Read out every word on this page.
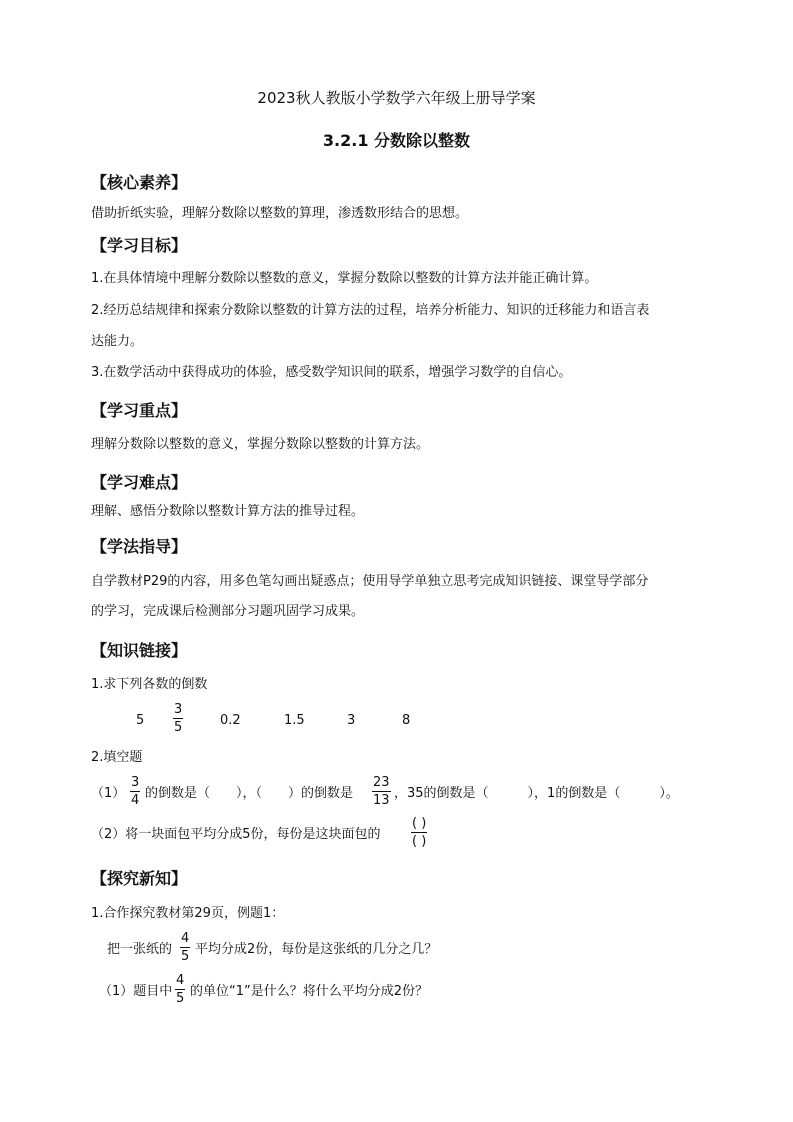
2023秋人教版小学数学六年级上册导学案
3.2.1 分数除以整数
【核心素养】
借助折纸实验，理解分数除以整数的算理，渗透数形结合的思想。
【学习目标】
1.在具体情境中理解分数除以整数的意义，掌握分数除以整数的计算方法并能正确计算。
2.经历总结规律和探索分数除以整数的计算方法的过程，培养分析能力、知识的迁移能力和语言表
达能力。
3.在数学活动中获得成功的体验，感受数学知识间的联系，增强学习数学的自信心。
【学习重点】
理解分数除以整数的意义，掌握分数除以整数的计算方法。
【学习难点】
理解、感悟分数除以整数计算方法的推导过程。
【学法指导】
自学教材P29的内容，用多色笔勾画出疑惑点；使用导学单独立思考完成知识链接、课堂导学部分
的学习，完成课后检测部分习题巩固学习成果。
【知识链接】
1.求下列各数的倒数
5
3
5	0.2	1.5	3	8
2.填空题
（1）
3
4 的倒数是（　　），（　　）的倒数是
23
13 ，35的倒数是（　　　），1的倒数是（　　　）。
（2）将一块面包平均分成5份，每份是这块面包的
( )
( )
【探究新知】
1.合作探究教材第29页，例题1：
把一张纸的
4
5 平均分成2份，每份是这张纸的几分之几？
（1）题目中
4
5 的单位“1”是什么？将什么平均分成2份？
